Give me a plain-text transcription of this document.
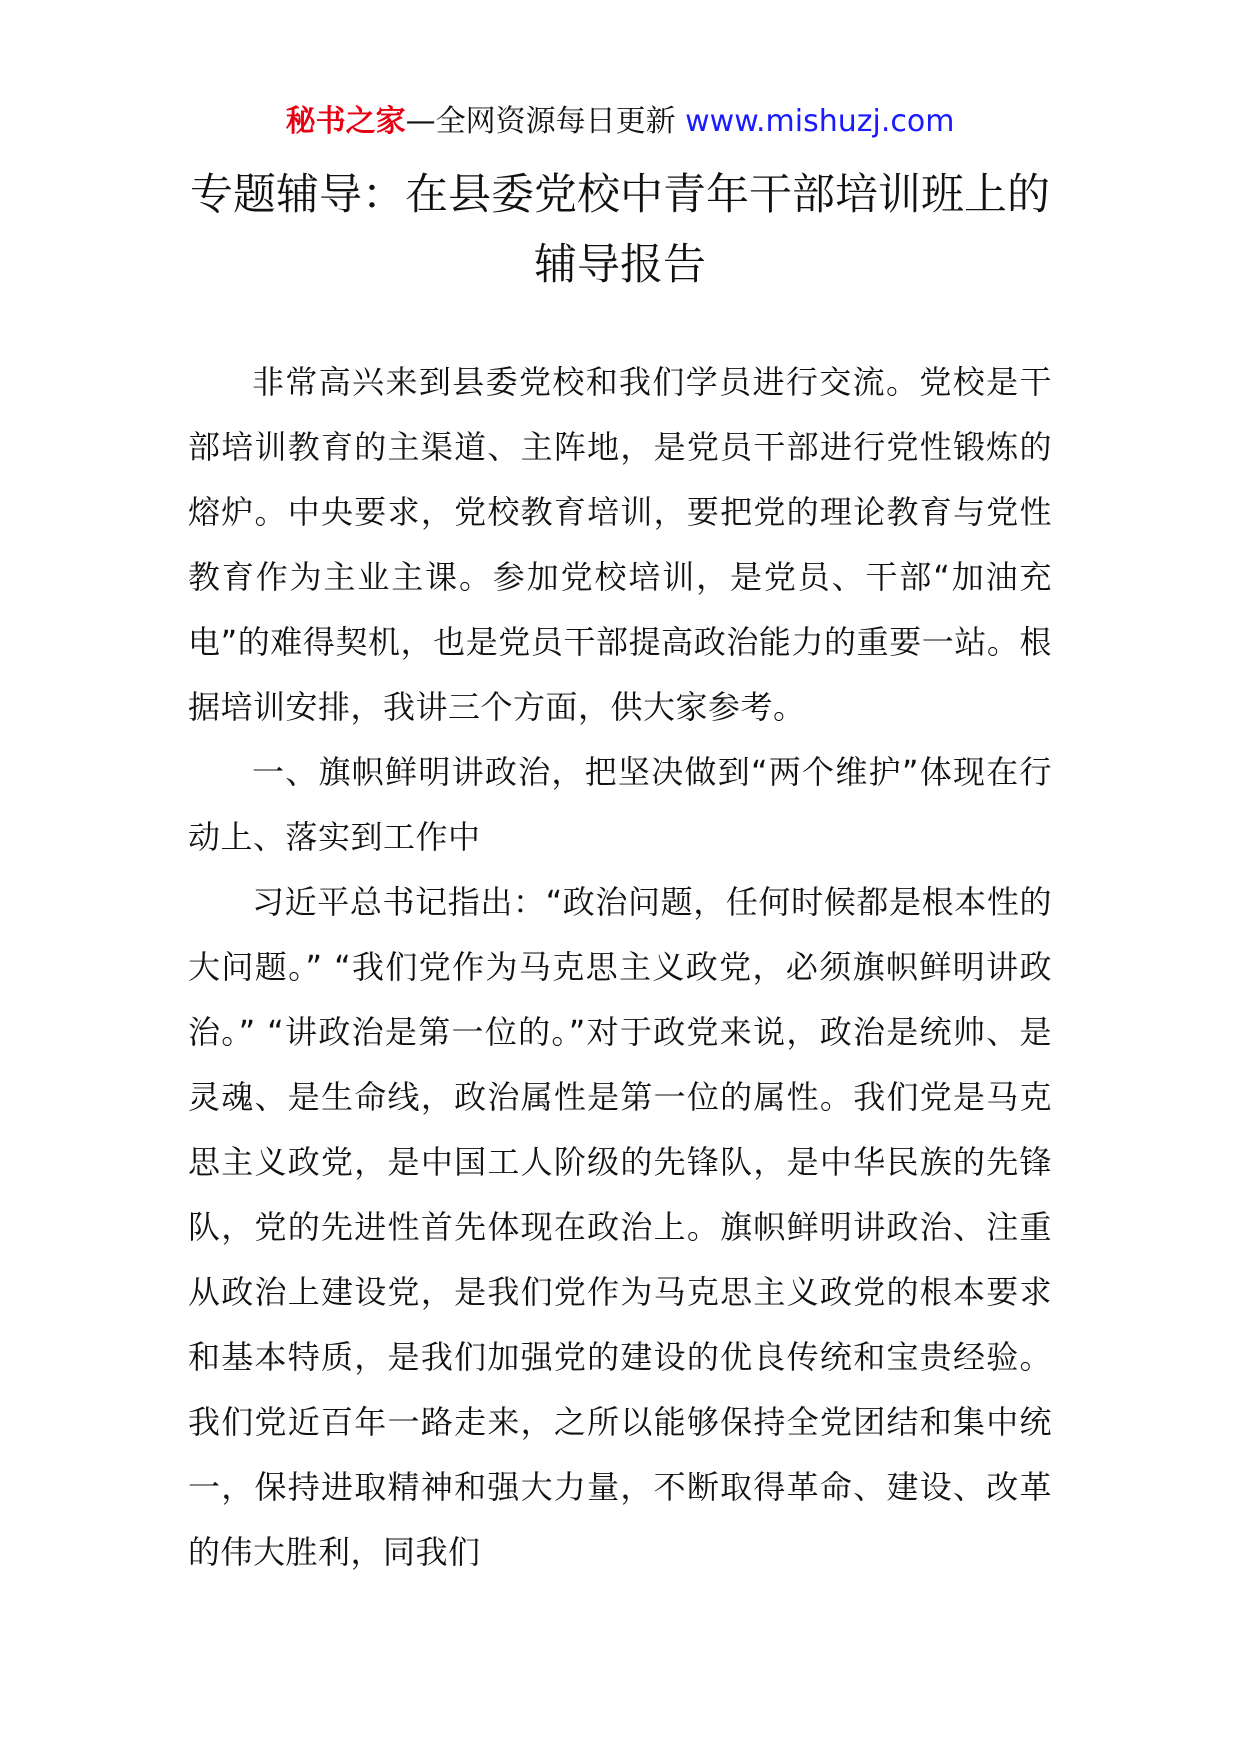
秘书之家—全网资源每日更新 www.mishuzj.com
专题辅导：在县委党校中青年干部培训班上的辅导报告

非常高兴来到县委党校和我们学员进行交流。党校是干部培训教育的主渠道、主阵地，是党员干部进行党性锻炼的熔炉。中央要求，党校教育培训，要把党的理论教育与党性教育作为主业主课。参加党校培训，是党员、干部“加油充电”的难得契机，也是党员干部提高政治能力的重要一站。根据培训安排，我讲三个方面，供大家参考。

一、旗帜鲜明讲政治，把坚决做到“两个维护”体现在行动上、落实到工作中

习近平总书记指出：“政治问题，任何时候都是根本性的大问题。” “我们党作为马克思主义政党，必须旗帜鲜明讲政治。” “讲政治是第一位的。”对于政党来说，政治是统帅、是灵魂、是生命线，政治属性是第一位的属性。我们党是马克思主义政党，是中国工人阶级的先锋队，是中华民族的先锋队，党的先进性首先体现在政治上。旗帜鲜明讲政治、注重从政治上建设党，是我们党作为马克思主义政党的根本要求和基本特质，是我们加强党的建设的优良传统和宝贵经验。我们党近百年一路走来，之所以能够保持全党团结和集中统一，保持进取精神和强大力量，不断取得革命、建设、改革的伟大胜利，同我们
